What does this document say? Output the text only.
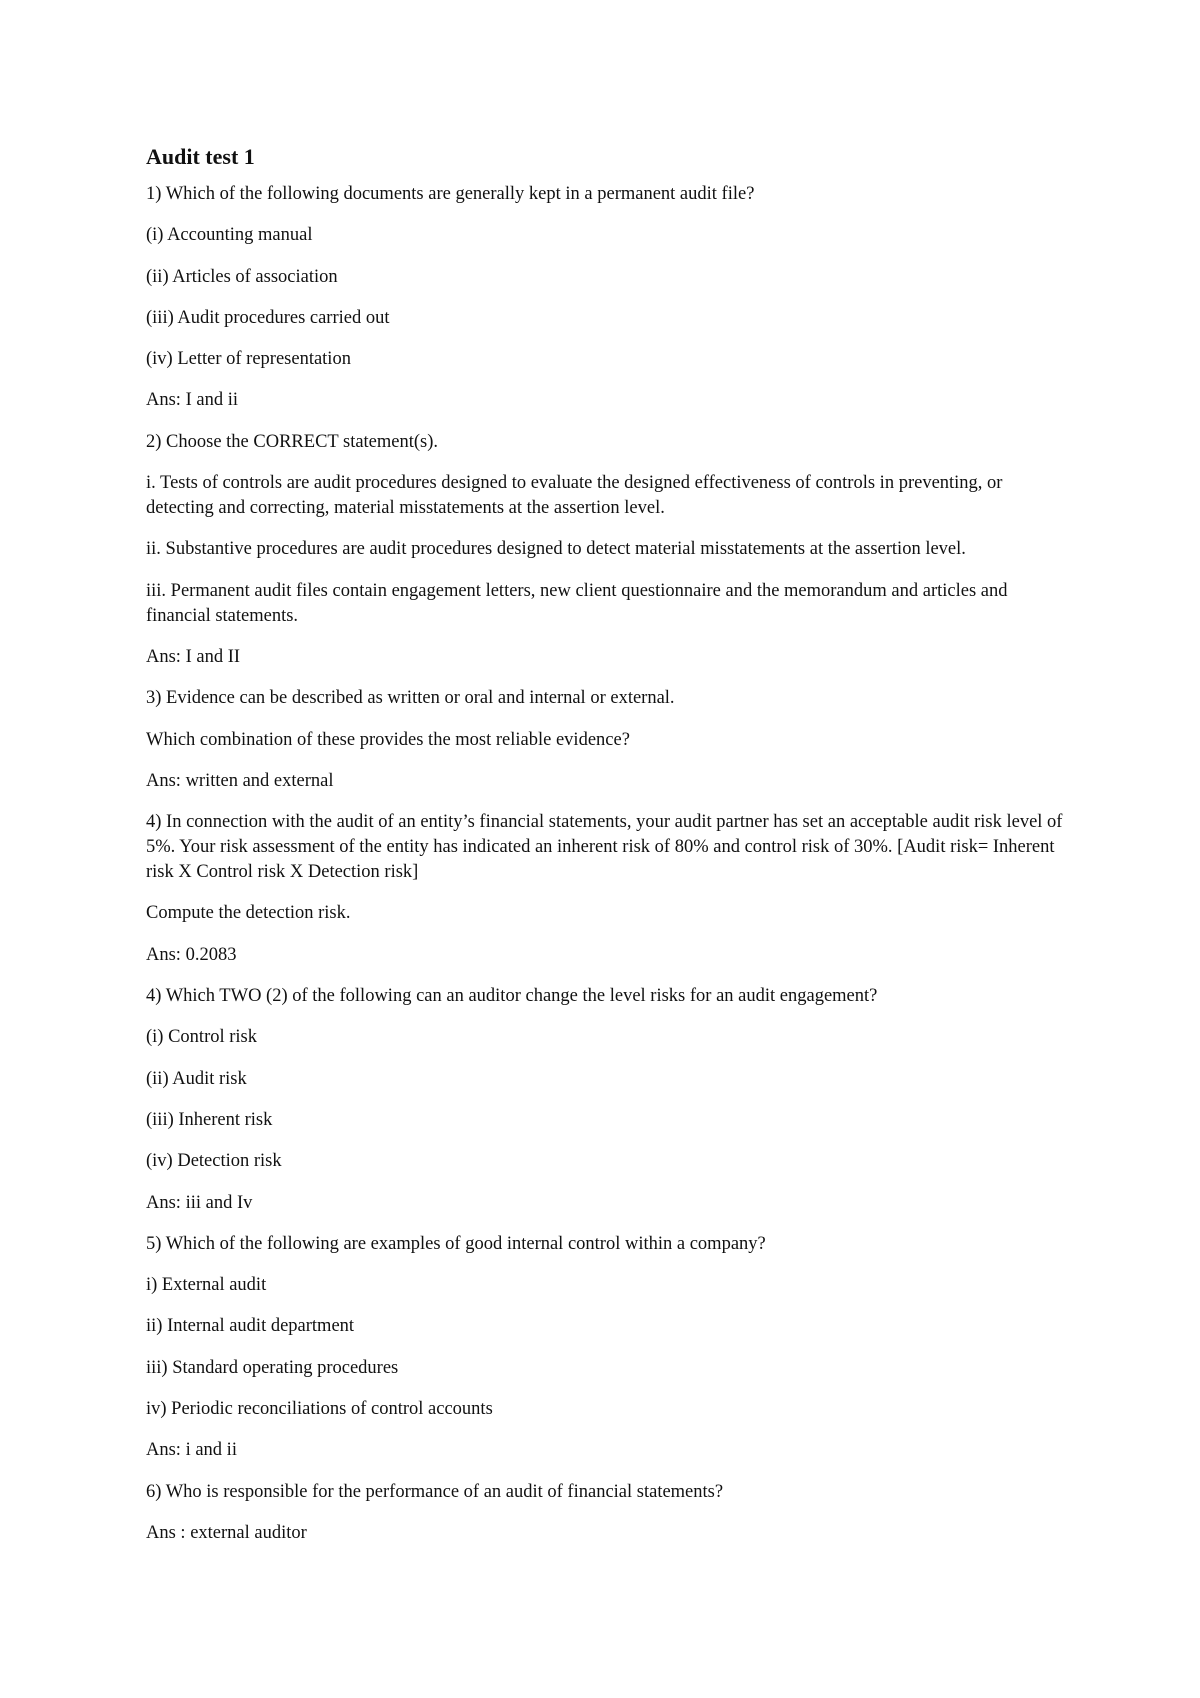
Audit test 1
1) Which of the following documents are generally kept in a permanent audit file?
(i) Accounting manual
(ii) Articles of association
(iii) Audit procedures carried out
(iv) Letter of representation
Ans: I and ii
2) Choose the CORRECT statement(s).
i. Tests of controls are audit procedures designed to evaluate the designed effectiveness of controls in preventing, or detecting and correcting, material misstatements at the assertion level.
ii. Substantive procedures are audit procedures designed to detect material misstatements at the assertion level.
iii. Permanent audit files contain engagement letters, new client questionnaire and the memorandum and articles and financial statements.
Ans: I and II
3) Evidence can be described as written or oral and internal or external.
Which combination of these provides the most reliable evidence?
Ans: written and external
4) In connection with the audit of an entity’s financial statements, your audit partner has set an acceptable audit risk level of 5%. Your risk assessment of the entity has indicated an inherent risk of 80% and control risk of 30%. [Audit risk= Inherent risk X Control risk X Detection risk]
Compute the detection risk.
Ans: 0.2083
4) Which TWO (2) of the following can an auditor change the level risks for an audit engagement?
(i) Control risk
(ii) Audit risk
(iii) Inherent risk
(iv) Detection risk
Ans: iii and Iv
5) Which of the following are examples of good internal control within a company?
i) External audit
ii) Internal audit department
iii) Standard operating procedures
iv) Periodic reconciliations of control accounts
Ans: i and ii
6) Who is responsible for the performance of an audit of financial statements?
Ans : external auditor
